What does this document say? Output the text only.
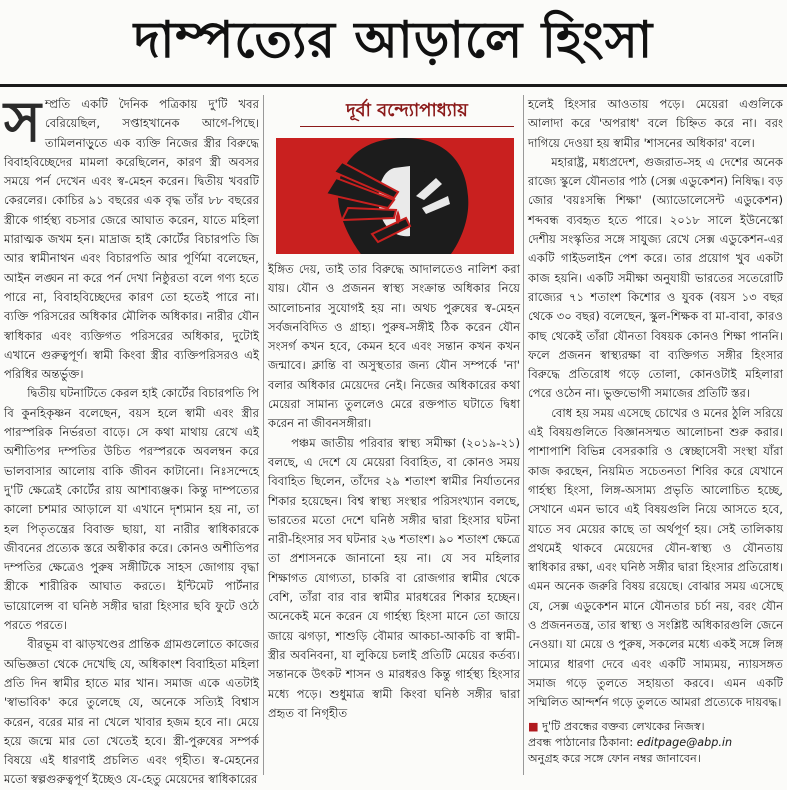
দাম্পত্যের আড়ালে হিংসা
স ম্প্রতি একটি দৈনিক পত্রিকায় দু'টি খবর বেরিয়েছিল, সপ্তাহখানেক আগে-পিছে। তামিলনাড়ুতে এক ব্যক্তি নিজের স্ত্রীর বিরুদ্ধে বিবাহবিচ্ছেদের মামলা করেছিলেন, কারণ স্ত্রী অবসর সময়ে পর্ন দেখেন এবং স্ব-মেহন করেন। দ্বিতীয় খবরটি কেরলের। কোচির ৯১ বছরের এক বৃদ্ধ তাঁর ৮৮ বছরের স্ত্রীকে গার্হস্থ্য বচসার জেরে আঘাত করেন, যাতে মহিলা মারাত্মক জখম হন। মাদ্রাজ হাই কোর্টের বিচারপতি জি আর স্বামীনাথন এবং বিচারপতি আর পূর্ণিমা বলেছেন, আইন লঙ্ঘন না করে পর্ন দেখা নিষ্ঠুরতা বলে গণ্য হতে পারে না, বিবাহবিচ্ছেদের কারণ তো হতেই পারে না। ব্যক্তি পরিসরের অধিকার মৌলিক অধিকার। নারীর যৌন স্বাধিকার এবং ব্যক্তিগত পরিসরের অধিকার, দুটোই এখানে গুরুত্বপূর্ণ। স্বামী কিংবা স্ত্রীর ব্যক্তিপরিসরও এই পরিধির অন্তর্ভুক্ত।

দ্বিতীয় ঘটনাটিতে কেরল হাই কোর্টের বিচারপতি পি বি কুনহিকৃষ্ণন বলেছেন, বয়স হলে স্বামী এবং স্ত্রীর পারস্পরিক নির্ভরতা বাড়ে। সে কথা মাথায় রেখে এই অশীতিপর দম্পতির উচিত পরস্পরকে অবলম্বন করে ভালবাসার আলোয় বাকি জীবন কাটানো। নিঃসন্দেহে দু'টি ক্ষেত্রেই কোর্টের রায় আশাব্যঞ্জক। কিন্তু দাম্পত্যের কালো চশমার আড়ালে যা এখানে দৃশ্যমান হয় না, তা হল পিতৃতন্ত্রের বিবাক্ত ছায়া, যা নারীর স্বাধিকারকে জীবনের প্রত্যেক স্তরে অস্বীকার করে। কোনও অশীতিপর দম্পতির ক্ষেত্রেও পুরুষ সঙ্গীটিকে সাহস জোগায় বৃদ্ধা স্ত্রীকে শারীরিক আঘাত করতে। ইন্টিমেট পার্টনার ভায়োলেন্স বা ঘনিষ্ঠ সঙ্গীর দ্বারা হিংসার ছবি ফুটে ওঠে পরতে পরতে।

বীরভূম বা ঝাড়খণ্ডের প্রান্তিক গ্রামগুলোতে কাজের অভিজ্ঞতা থেকে দেখেছি যে, অধিকাংশ বিবাহিতা মহিলা প্রতি দিন স্বামীর হাতে মার খান। সমাজ একে এতটাই 'স্বাভাবিক' করে তুলেছে যে, অনেকে সত্যিই বিশ্বাস করেন, বরের মার না খেলে খাবার হজম হবে না। মেয়ে হয়ে জন্মে মার তো খেতেই হবে। স্ত্রী-পুরুষের সম্পর্ক বিষয়ে এই ধারণাই প্রচলিত এবং গৃহীত। স্ব-মেহনের মতো স্বল্পগুরুত্বপূর্ণ ইচ্ছেও যে-হেতু মেয়েদের স্বাধিকারের

দূর্বা বন্দ্যোপাধ্যায়

ইঙ্গিত দেয়, তাই তার বিরুদ্ধে আদালতেও নালিশ করা যায়। যৌন ও প্রজনন স্বাস্থ্য সংক্রান্ত অধিকার নিয়ে আলোচনার সুযোগই হয় না। অথচ পুরুষের স্ব-মেহন সর্বজনবিদিত ও গ্রাহ্য। পুরুষ-সঙ্গীই ঠিক করেন যৌন সংসর্গ কখন হবে, কেমন হবে এবং সন্তান কখন কখন জন্মাবে। ক্লান্তি বা অসুস্থতার জন্য যৌন সম্পর্কে 'না' বলার অধিকার মেয়েদের নেই। নিজের অধিকারের কথা মেয়েরা সামান্য তুললেও মেরে রক্তপাত ঘটাতে দ্বিধা করেন না জীবনসঙ্গীরা।

পঞ্চম জাতীয় পরিবার স্বাস্থ্য সমীক্ষা (২০১৯-২১) বলছে, এ দেশে যে মেয়েরা বিবাহিত, বা কোনও সময় বিবাহিত ছিলেন, তাঁদের ২৯ শতাংশ স্বামীর নির্যাতনের শিকার হয়েছেন। বিশ্ব স্বাস্থ্য সংস্থার পরিসংখ্যান বলছে, ভারতের মতো দেশে ঘনিষ্ঠ সঙ্গীর দ্বারা হিংসার ঘটনা নারী-হিংসার সব ঘটনার ২৬ শতাংশ। ৯০ শতাংশ ক্ষেত্রে তা প্রশাসনকে জানানো হয় না। যে সব মহিলার শিক্ষাগত যোগ্যতা, চাকরি বা রোজগার স্বামীর থেকে বেশি, তাঁরা বার বার স্বামীর মারধরের শিকার হচ্ছেন। অনেকেই মনে করেন যে গার্হস্থ্য হিংসা মানে তো জায়ে জায়ে ঝগড়া, শাশুড়ি বৌমার আকচা-আকচি বা স্বামী-স্ত্রীর অবনিবনা, যা লুকিয়ে চলাই প্রতিটি মেয়ের কর্তব্য। সন্তানকে উৎকট শাসন ও মারধরও কিন্তু গার্হস্থ্য হিংসার মধ্যে পড়ে। শুধুমাত্র স্বামী কিংবা ঘনিষ্ঠ সঙ্গীর দ্বারা প্রহৃত বা নিগৃহীত

হলেই হিংসার আওতায় পড়ে। মেয়েরা এগুলিকে আলাদা করে 'অপরাধ' বলে চিহ্নিত করে না। বরং দাগিয়ে দেওয়া হয় স্বামীর 'শাসনের অধিকার' বলে।

মহারাষ্ট্র, মধ্যপ্রদেশ, গুজরাত-সহ এ দেশের অনেক রাজ্যে স্কুলে যৌনতার পাঠ (সেক্স এডুকেশন) নিষিদ্ধ। বড় জোর 'বয়ঃসন্ধি শিক্ষা' (অ্যাডোলেসেন্ট এডুকেশন) শব্দবন্ধ ব্যবহৃত হতে পারে। ২০১৮ সালে ইউনেস্কো দেশীয় সংস্কৃতির সঙ্গে সাযুজ্য রেখে সেক্স এডুকেশন-এর একটি গাইডলাইন পেশ করে। তার প্রয়োগ খুব একটা কাজ হয়নি। একটি সমীক্ষা অনুযায়ী ভারতের সতেরোটি রাজ্যের ৭১ শতাংশ কিশোর ও যুবক (বয়স ১৩ বছর থেকে ৩০ বছর) বলেছেন, স্কুল-শিক্ষক বা মা-বাবা, কারও কাছ থেকেই তাঁরা যৌনতা বিষয়ক কোনও শিক্ষা পাননি। ফলে প্রজনন স্বাস্থ্যরক্ষা বা ব্যক্তিগত সঙ্গীর হিংসার বিরুদ্ধে প্রতিরোধ গড়ে তোলা, কোনওটাই মহিলারা পেরে ওঠেন না। ভুক্তভোগী সমাজের প্রতিটি স্তর।

বোধ হয় সময় এসেছে চোখের ও মনের ঠুলি সরিয়ে এই বিষয়গুলিতে বিজ্ঞানসম্মত আলোচনা শুরু করার। পাশাপাশি বিভিন্ন বেসরকারি ও স্বেচ্ছাসেবী সংস্থা যাঁরা কাজ করছেন, নিয়মিত সচেতনতা শিবির করে যেখানে গার্হস্থ্য হিংসা, লিঙ্গ-অসাম্য প্রভৃতি আলোচিত হচ্ছে, সেখানে এমন ভাবে এই বিষয়গুলি নিয়ে আসতে হবে, যাতে সব মেয়ের কাছে তা অর্থপূর্ণ হয়। সেই তালিকায় প্রথমেই থাকবে মেয়েদের যৌন-স্বাস্থ্য ও যৌনতায় স্বাধিকার রক্ষা, এবং ঘনিষ্ঠ সঙ্গীর দ্বারা হিংসার প্রতিরোধ। এমন অনেক জরুরি বিষয় রয়েছে। বোঝার সময় এসেছে যে, সেক্স এডুকেশন মানে যৌনতার চর্চা নয়, বরং যৌন ও প্রজননতন্ত্র, তার স্বাস্থ্য ও সংশ্লিষ্ট অধিকারগুলি জেনে নেওয়া। যা মেয়ে ও পুরুষ, সকলের মধ্যে একই সঙ্গে লিঙ্গ সাম্যের ধারণা দেবে এবং একটি সাম্যময়, ন্যায়সঙ্গত সমাজ গড়ে তুলতে সহায়তা করবে। এমন একটি সম্মিলিত আন্দর্শন গড়ে তুলতে আমরা প্রত্যেকে দায়বদ্ধ।

■ দু'টি প্রবন্ধের বক্তব্য লেখকের নিজস্ব।
প্রবন্ধ পাঠানোর ঠিকানা: editpage@abp.in
অনুগ্রহ করে সঙ্গে ফোন নম্বর জানাবেন।
